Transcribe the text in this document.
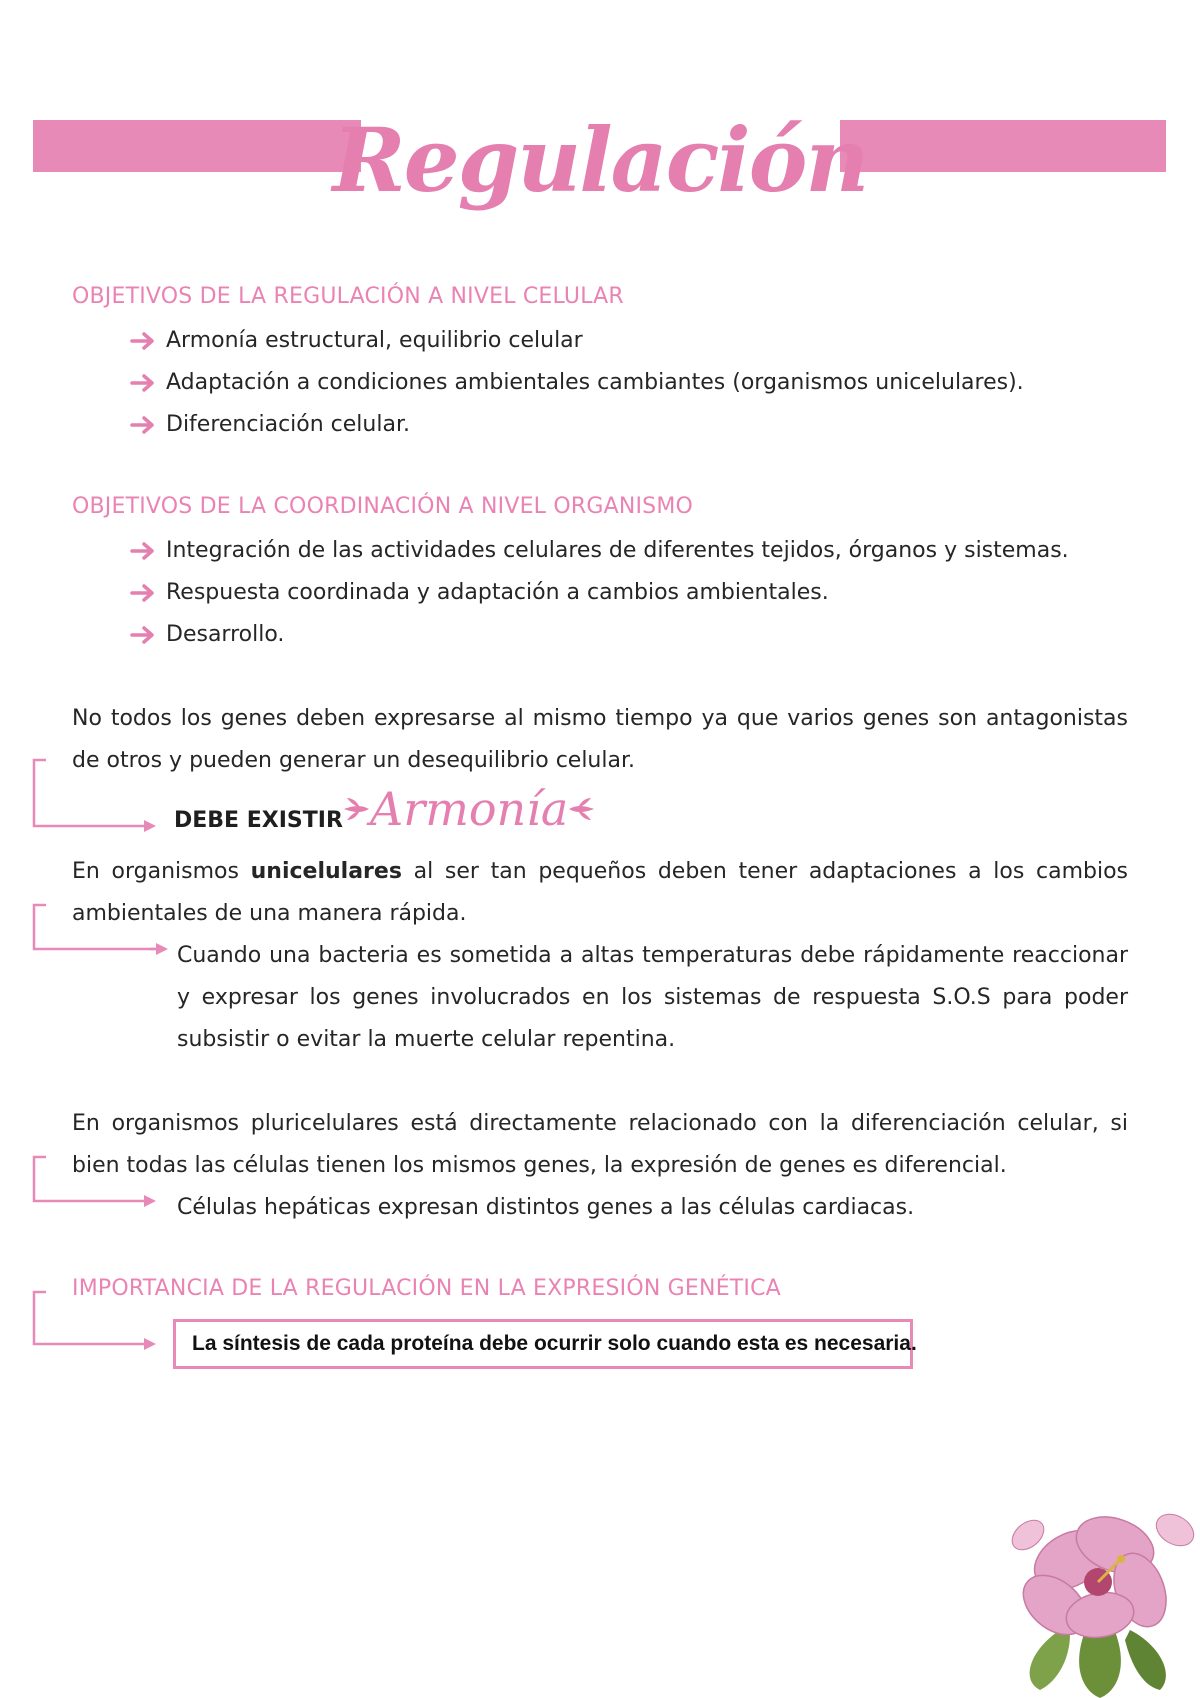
Regulación
OBJETIVOS DE LA REGULACIÓN A NIVEL CELULAR
Armonía estructural, equilibrio celular
Adaptación a condiciones ambientales cambiantes (organismos unicelulares).
Diferenciación celular.
OBJETIVOS DE LA COORDINACIÓN A NIVEL ORGANISMO
Integración de las actividades celulares de diferentes tejidos, órganos y sistemas.
Respuesta coordinada y adaptación a cambios ambientales.
Desarrollo.
No todos los genes deben expresarse al mismo tiempo ya que varios genes son antagonistas de otros y pueden generar un desequilibrio celular.
DEBE EXISTIR Armonía
En organismos unicelulares al ser tan pequeños deben tener adaptaciones a los cambios ambientales de una manera rápida.
Cuando una bacteria es sometida a altas temperaturas debe rápidamente reaccionar y expresar los genes involucrados en los sistemas de respuesta S.O.S para poder subsistir o evitar la muerte celular repentina.
En organismos pluricelulares está directamente relacionado con la diferenciación celular, si bien todas las células tienen los mismos genes, la expresión de genes es diferencial.
Células hepáticas expresan distintos genes a las células cardiacas.
IMPORTANCIA DE LA REGULACIÓN EN LA EXPRESIÓN GENÉTICA
La síntesis de cada proteína debe ocurrir solo cuando esta es necesaria.
